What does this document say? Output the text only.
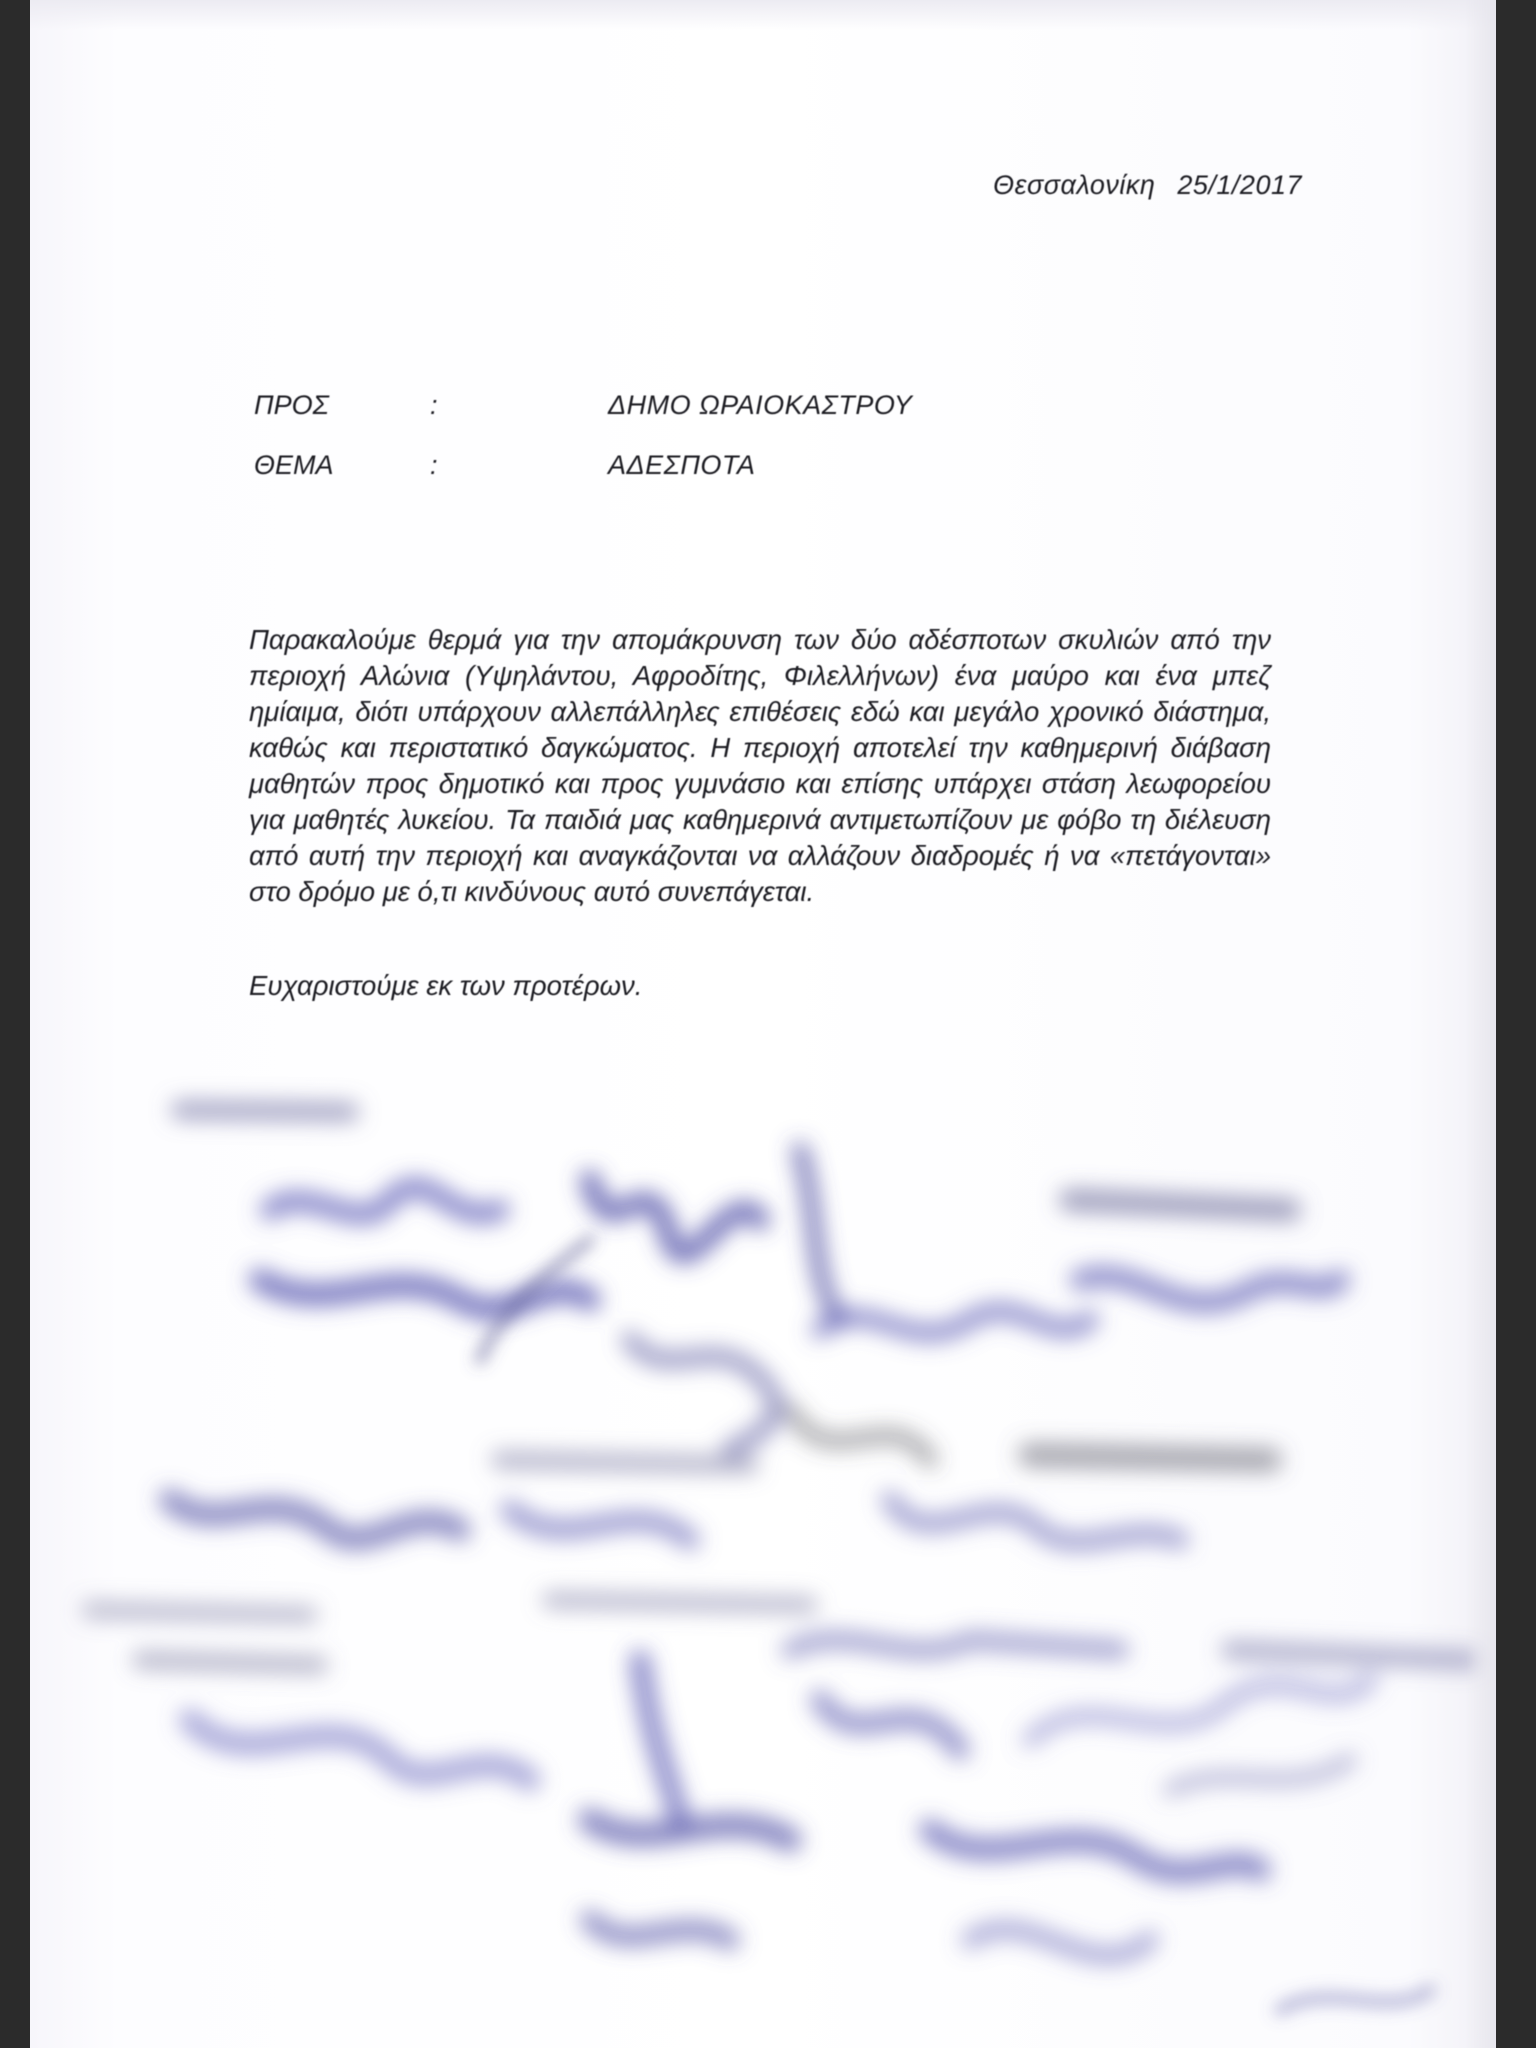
Θεσσαλονίκη 25/1/2017
ΠΡΟΣ	:	ΔΗΜΟ ΩΡΑΙΟΚΑΣΤΡΟΥ
ΘΕΜΑ	:	ΑΔΕΣΠΟΤΑ
Παρακαλούμε θερμά για την απομάκρυνση των δύο αδέσποτων σκυλιών από την περιοχή Αλώνια (Υψηλάντου, Αφροδίτης, Φιλελλήνων) ένα μαύρο και ένα μπεζ ημίαιμα, διότι υπάρχουν αλλεπάλληλες επιθέσεις εδώ και μεγάλο χρονικό διάστημα, καθώς και περιστατικό δαγκώματος. Η περιοχή αποτελεί την καθημερινή διάβαση μαθητών προς δημοτικό και προς γυμνάσιο και επίσης υπάρχει στάση λεωφορείου για μαθητές λυκείου. Τα παιδιά μας καθημερινά αντιμετωπίζουν με φόβο τη διέλευση από αυτή την περιοχή και αναγκάζονται να αλλάζουν διαδρομές ή να «πετάγονται» στο δρόμο με ό,τι κινδύνους αυτό συνεπάγεται.
Ευχαριστούμε εκ των προτέρων.
